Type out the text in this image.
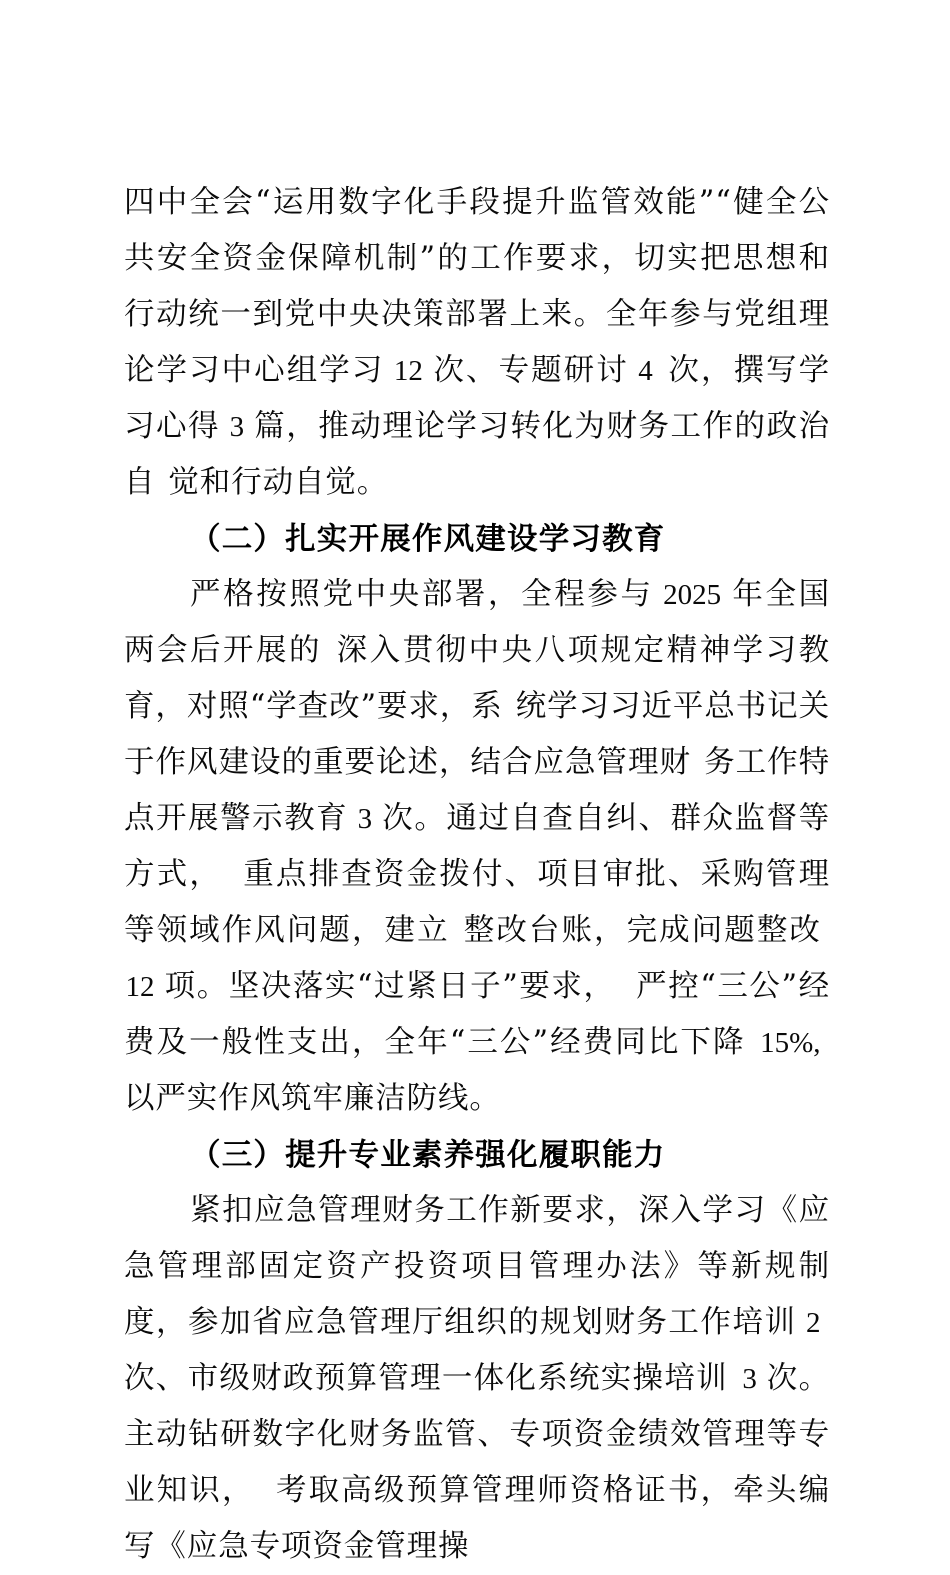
四中全会“运用数字化手段提升监管效能”“健全公共安全资金保障机制”的工作要求，切实把思想和行动统一到党中央决策部署上来。全年参与党组理论学习中心组学习 12 次、专题研讨 4 次，撰写学习心得 3 篇，推动理论学习转化为财务工作的政治自 觉和行动自觉。

（二）扎实开展作风建设学习教育

严格按照党中央部署，全程参与 2025 年全国两会后开展的 深入贯彻中央八项规定精神学习教育，对照“学查改”要求，系 统学习习近平总书记关于作风建设的重要论述，结合应急管理财 务工作特点开展警示教育 3 次。通过自查自纠、群众监督等方式， 重点排查资金拨付、项目审批、采购管理等领域作风问题，建立 整改台账，完成问题整改12 项。坚决落实“过紧日子”要求， 严控“三公”经费及一般性支出，全年“三公”经费同比下降 15%,以严实作风筑牢廉洁防线。

（三）提升专业素养强化履职能力

紧扣应急管理财务工作新要求，深入学习《应急管理部固定资产投资项目管理办法》等新规制度，参加省应急管理厅组织的规划财务工作培训 2次、市级财政预算管理一体化系统实操培训 3 次。主动钻研数字化财务监管、专项资金绩效管理等专业知识， 考取高级预算管理师资格证书，牵头编写《应急专项资金管理操
